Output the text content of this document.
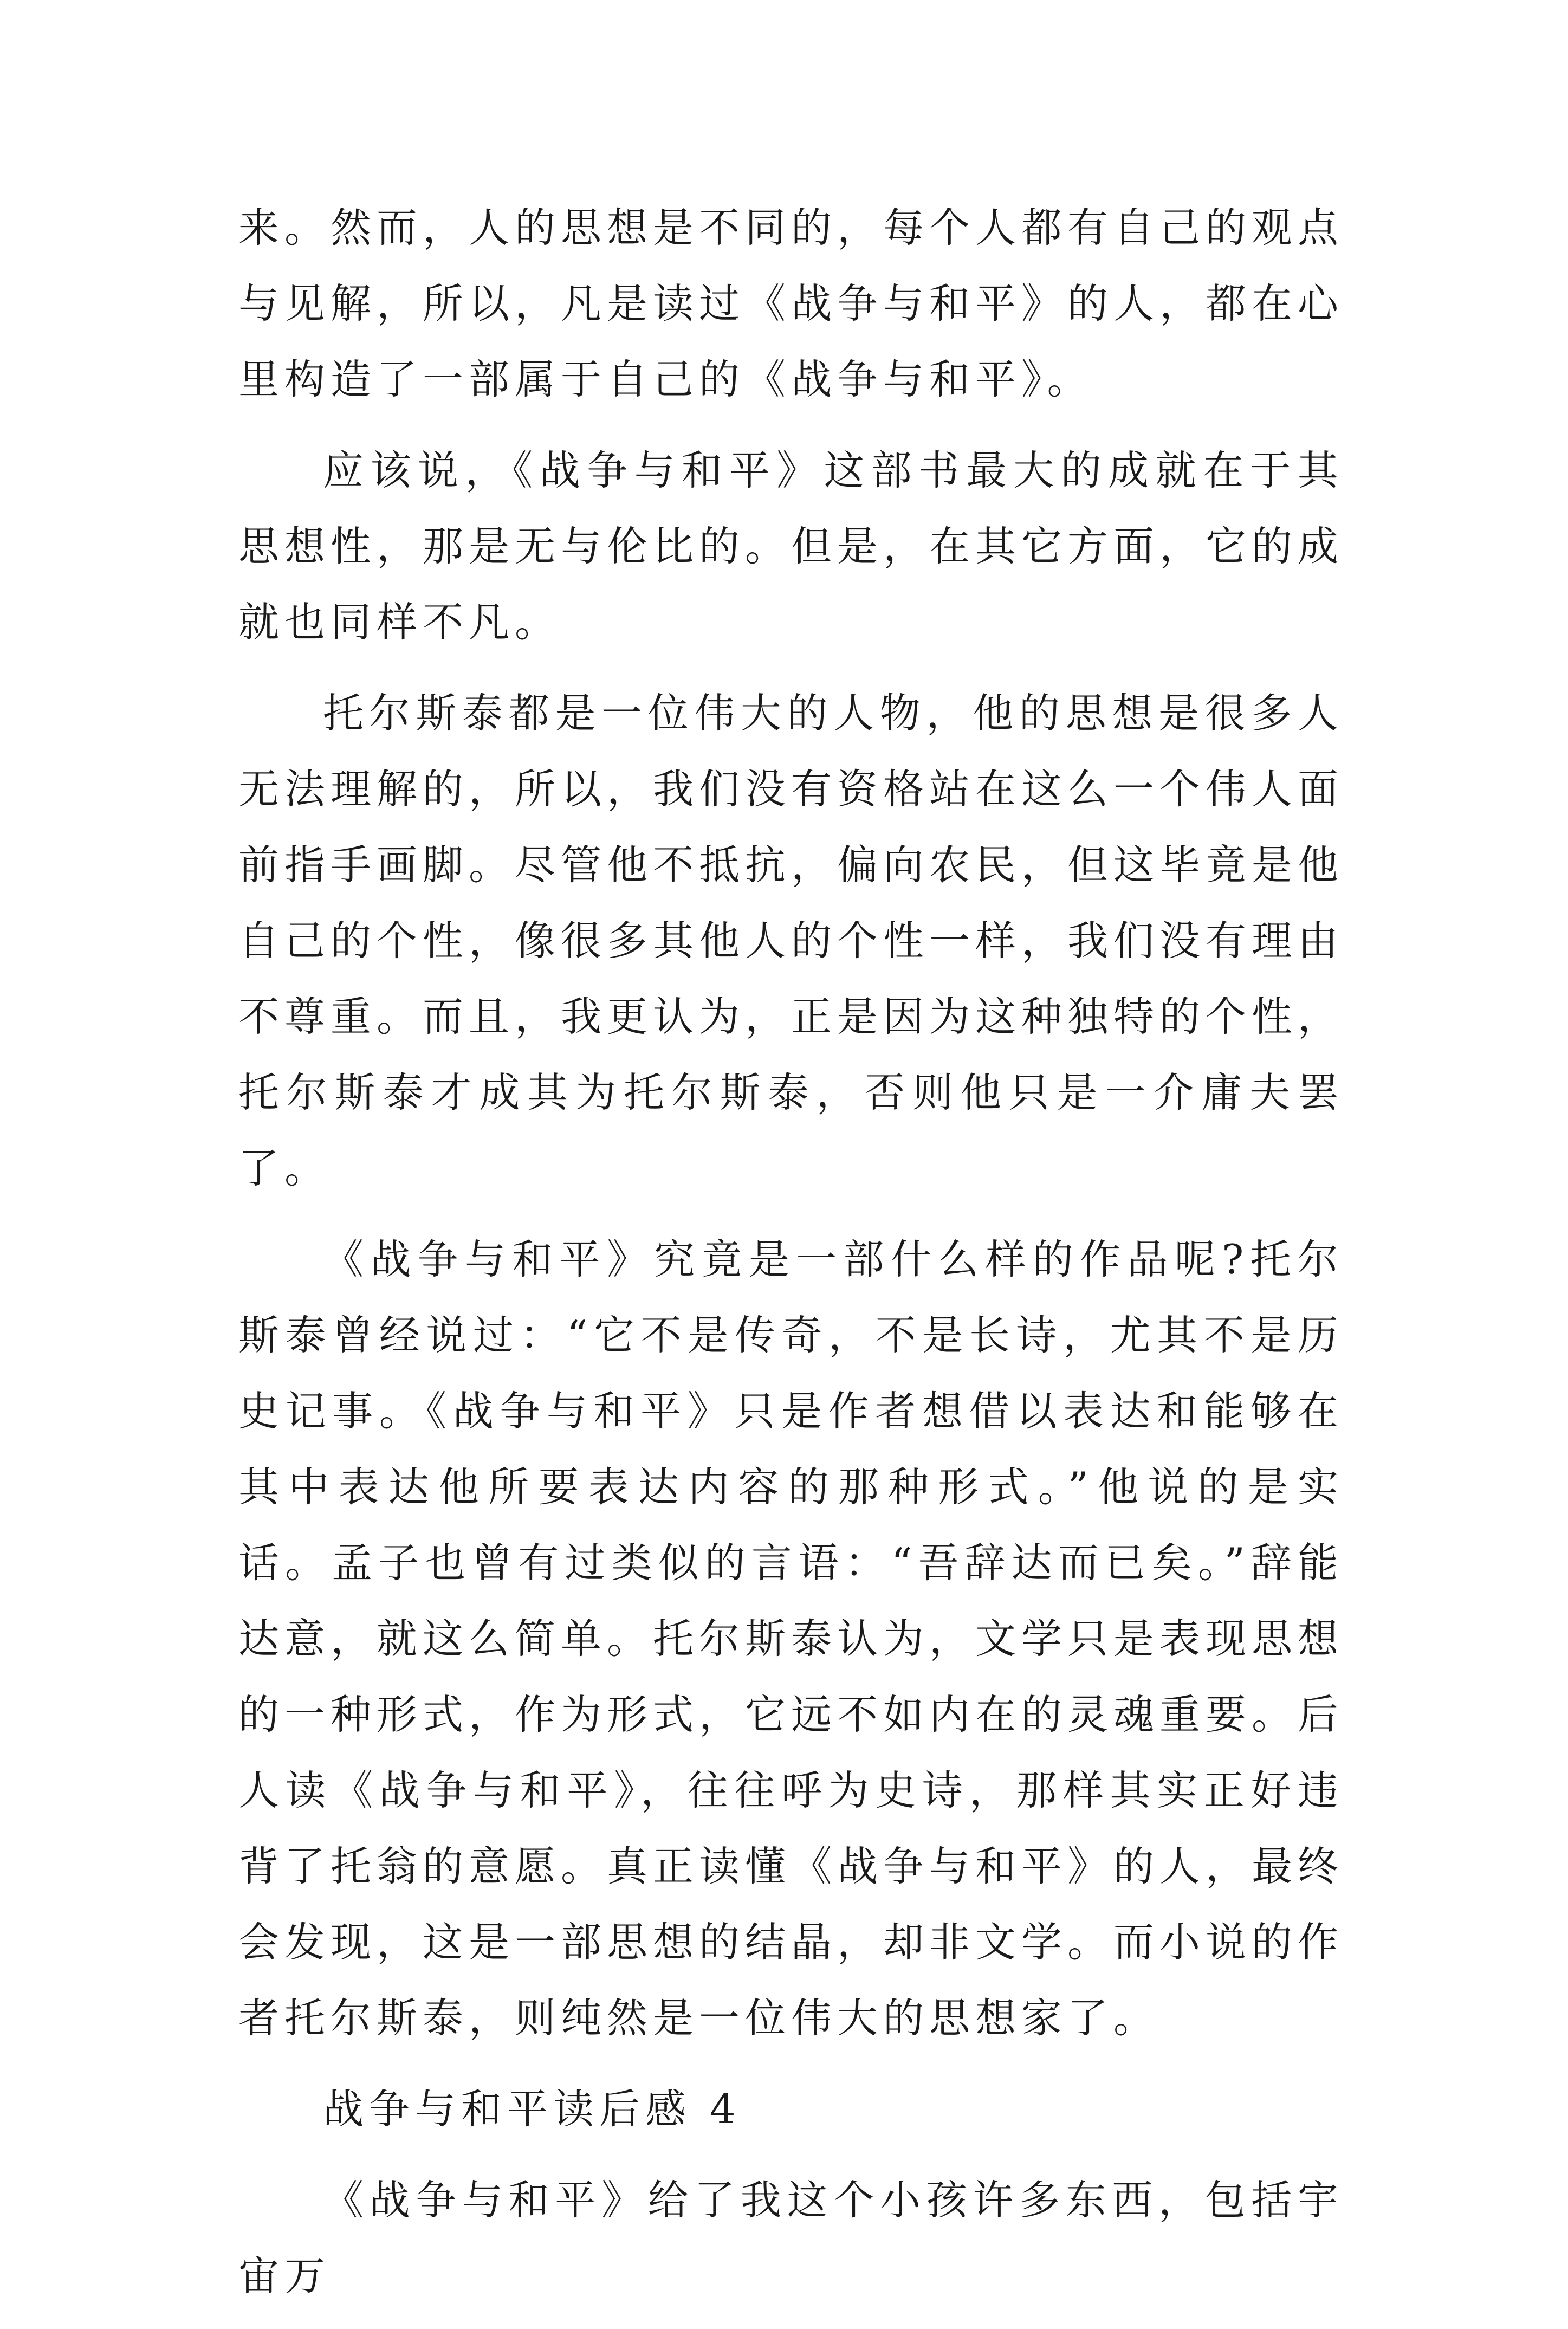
来。然而，人的思想是不同的，每个人都有自己的观点与见解，所以，凡是读过《战争与和平》的人，都在心里构造了一部属于自己的《战争与和平》。

应该说，《战争与和平》这部书最大的成就在于其思想性，那是无与伦比的。但是，在其它方面，它的成就也同样不凡。

托尔斯泰都是一位伟大的人物，他的思想是很多人无法理解的，所以，我们没有资格站在这么一个伟人面前指手画脚。尽管他不抵抗，偏向农民，但这毕竟是他自己的个性，像很多其他人的个性一样，我们没有理由不尊重。而且，我更认为，正是因为这种独特的个性，托尔斯泰才成其为托尔斯泰，否则他只是一介庸夫罢了。

《战争与和平》究竟是一部什么样的作品呢?托尔斯泰曾经说过：“它不是传奇，不是长诗，尤其不是历史记事。《战争与和平》只是作者想借以表达和能够在其中表达他所要表达内容的那种形式。”他说的是实话。孟子也曾有过类似的言语：“吾辞达而已矣。”辞能达意，就这么简单。托尔斯泰认为，文学只是表现思想的一种形式，作为形式，它远不如内在的灵魂重要。后人读《战争与和平》，往往呼为史诗，那样其实正好违背了托翁的意愿。真正读懂《战争与和平》的人，最终会发现，这是一部思想的结晶，却非文学。而小说的作者托尔斯泰，则纯然是一位伟大的思想家了。

战争与和平读后感 4

《战争与和平》给了我这个小孩许多东西，包括宇宙万
